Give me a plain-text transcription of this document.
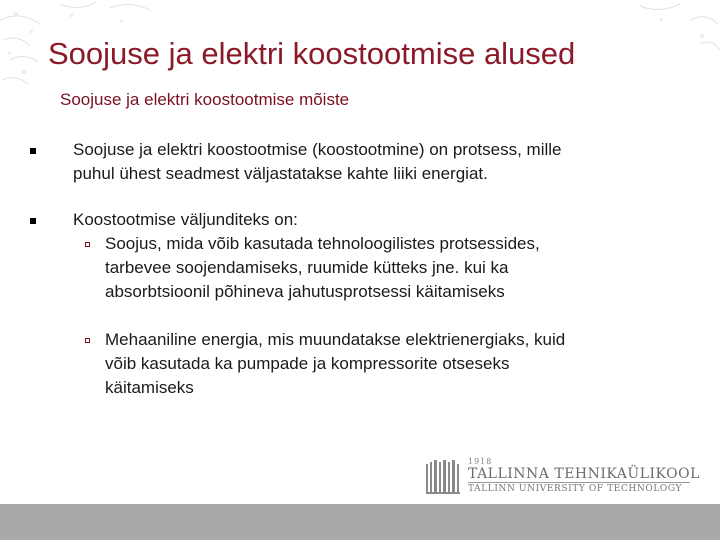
Soojuse ja elektri koostootmise alused
Soojuse ja elektri koostootmise mõiste
Soojuse ja elektri koostootmise (koostootmine) on protsess, mille
puhul ühest seadmest väljastatakse kahte liiki energiat.
Koostootmise väljunditeks on:
Soojus, mida võib kasutada tehnoloogilistes protsessides,
tarbevee soojendamiseks, ruumide kütteks jne. kui ka
absorbtsioonil põhineva jahutusprotsessi käitamiseks
Mehaaniline energia, mis muundatakse elektrienergiaks, kuid
võib kasutada ka pumpade ja kompressorite otseseks
käitamiseks
1918
TALLINNA TEHNIKAÜLIKOOL
TALLINN UNIVERSITY OF TECHNOLOGY
